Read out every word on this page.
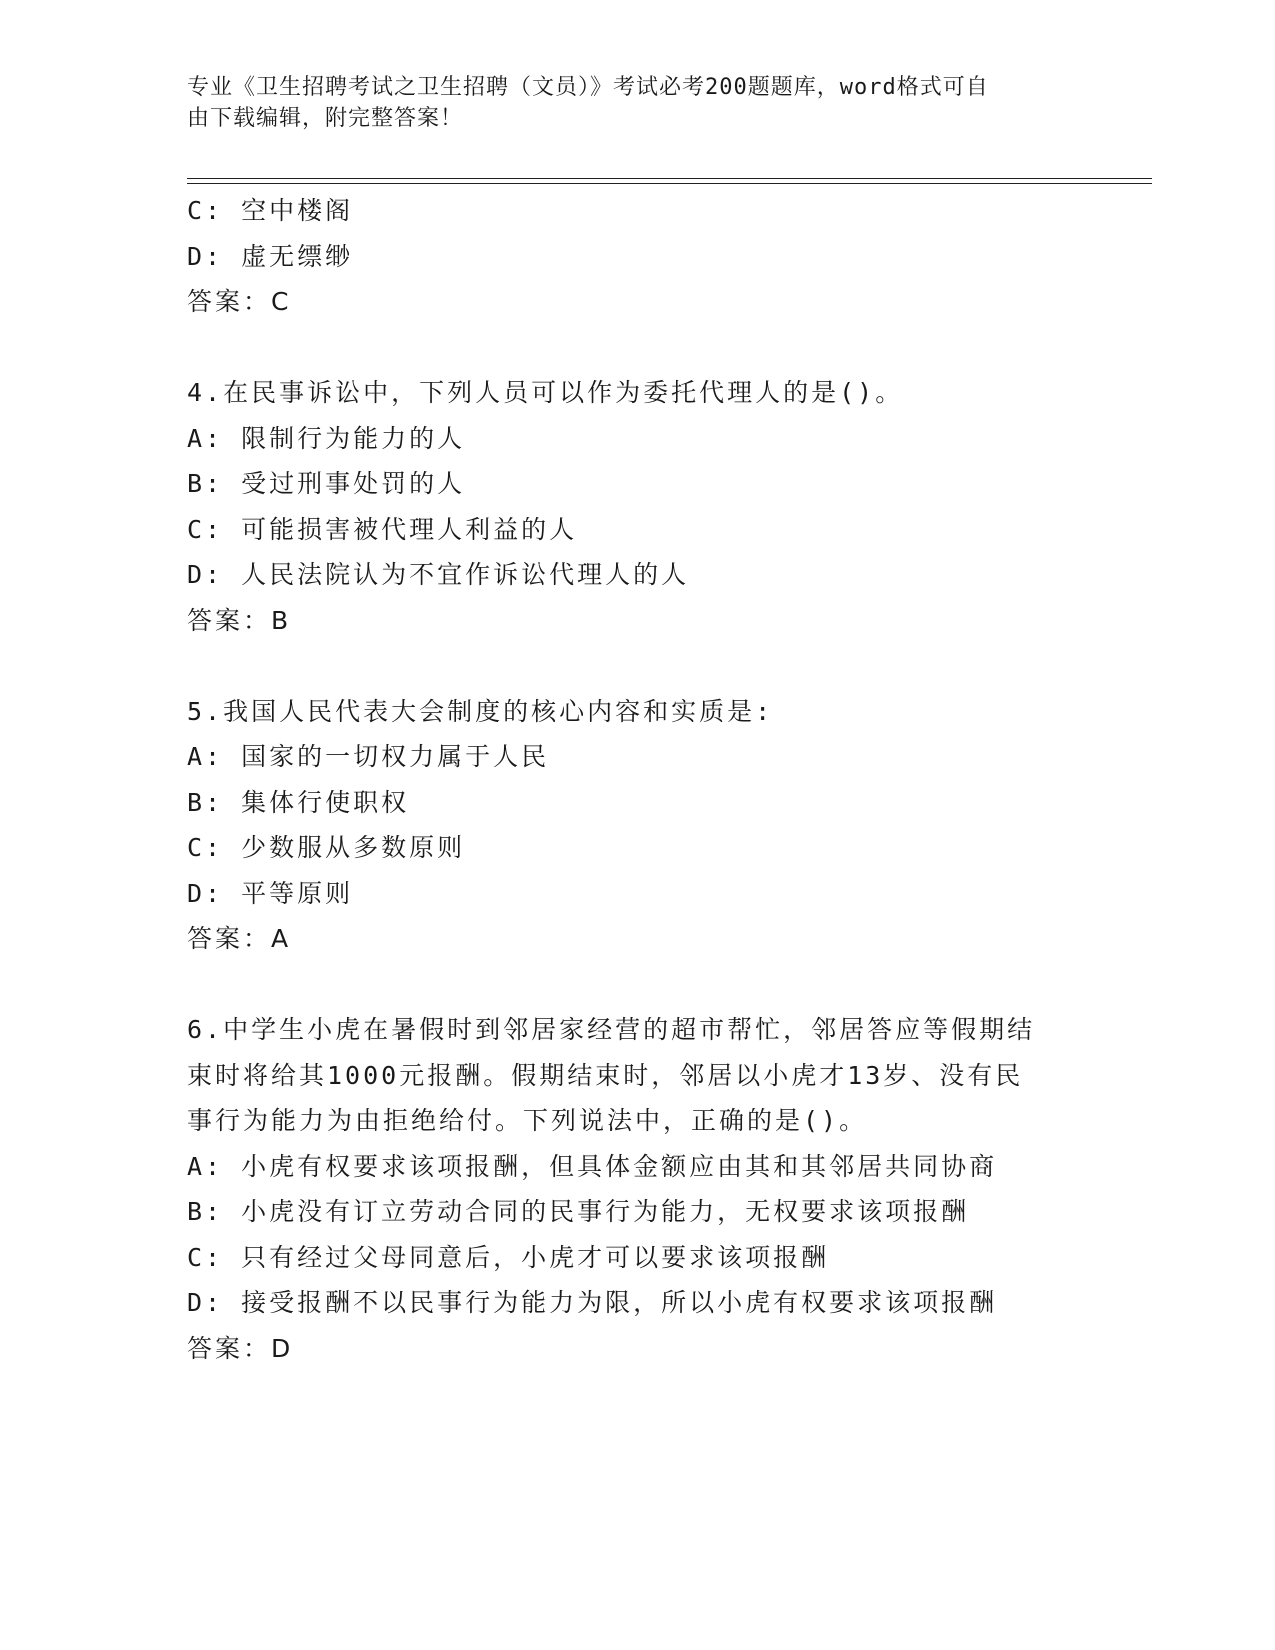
专业《卫生招聘考试之卫生招聘（文员）》考试必考200题题库，word格式可自
由下载编辑，附完整答案！
C: 空中楼阁
D: 虚无缥缈
答案：C
4.在民事诉讼中，下列人员可以作为委托代理人的是()。
A: 限制行为能力的人
B: 受过刑事处罚的人
C: 可能损害被代理人利益的人
D: 人民法院认为不宜作诉讼代理人的人
答案：B
5.我国人民代表大会制度的核心内容和实质是:
A: 国家的一切权力属于人民
B: 集体行使职权
C: 少数服从多数原则
D: 平等原则
答案：A
6.中学生小虎在暑假时到邻居家经营的超市帮忙，邻居答应等假期结
束时将给其1000元报酬。假期结束时，邻居以小虎才13岁、没有民
事行为能力为由拒绝给付。下列说法中，正确的是()。
A: 小虎有权要求该项报酬，但具体金额应由其和其邻居共同协商
B: 小虎没有订立劳动合同的民事行为能力，无权要求该项报酬
C: 只有经过父母同意后，小虎才可以要求该项报酬
D: 接受报酬不以民事行为能力为限，所以小虎有权要求该项报酬
答案：D
